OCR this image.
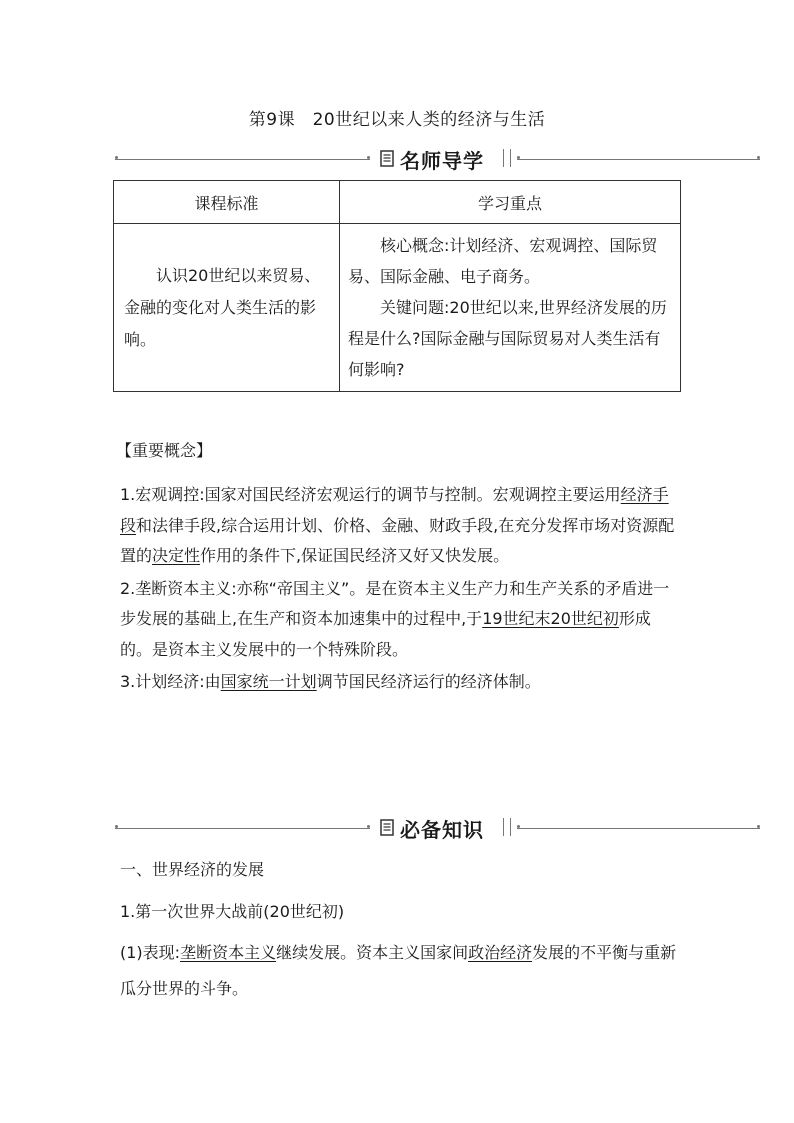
第9课　20世纪以来人类的经济与生活
名师导学
课程标准	学习重点

认识20世纪以来贸易、金融的变化对人类生活的影响。	核心概念:计划经济、宏观调控、国际贸易、国际金融、电子商务。

关键问题:20世纪以来,世界经济发展的历程是什么?国际金融与国际贸易对人类生活有何影响?

【重要概念】

1.宏观调控:国家对国民经济宏观运行的调节与控制。宏观调控主要运用经济手段和法律手段,综合运用计划、价格、金融、财政手段,在充分发挥市场对资源配置的决定性作用的条件下,保证国民经济又好又快发展。

2.垄断资本主义:亦称“帝国主义”。是在资本主义生产力和生产关系的矛盾进一步发展的基础上,在生产和资本加速集中的过程中,于19世纪末20世纪初形成的。是资本主义发展中的一个特殊阶段。

3.计划经济:由国家统一计划调节国民经济运行的经济体制。

必备知识

一、世界经济的发展

1.第一次世界大战前(20世纪初)

(1)表现:垄断资本主义继续发展。资本主义国家间政治经济发展的不平衡与重新瓜分世界的斗争。
